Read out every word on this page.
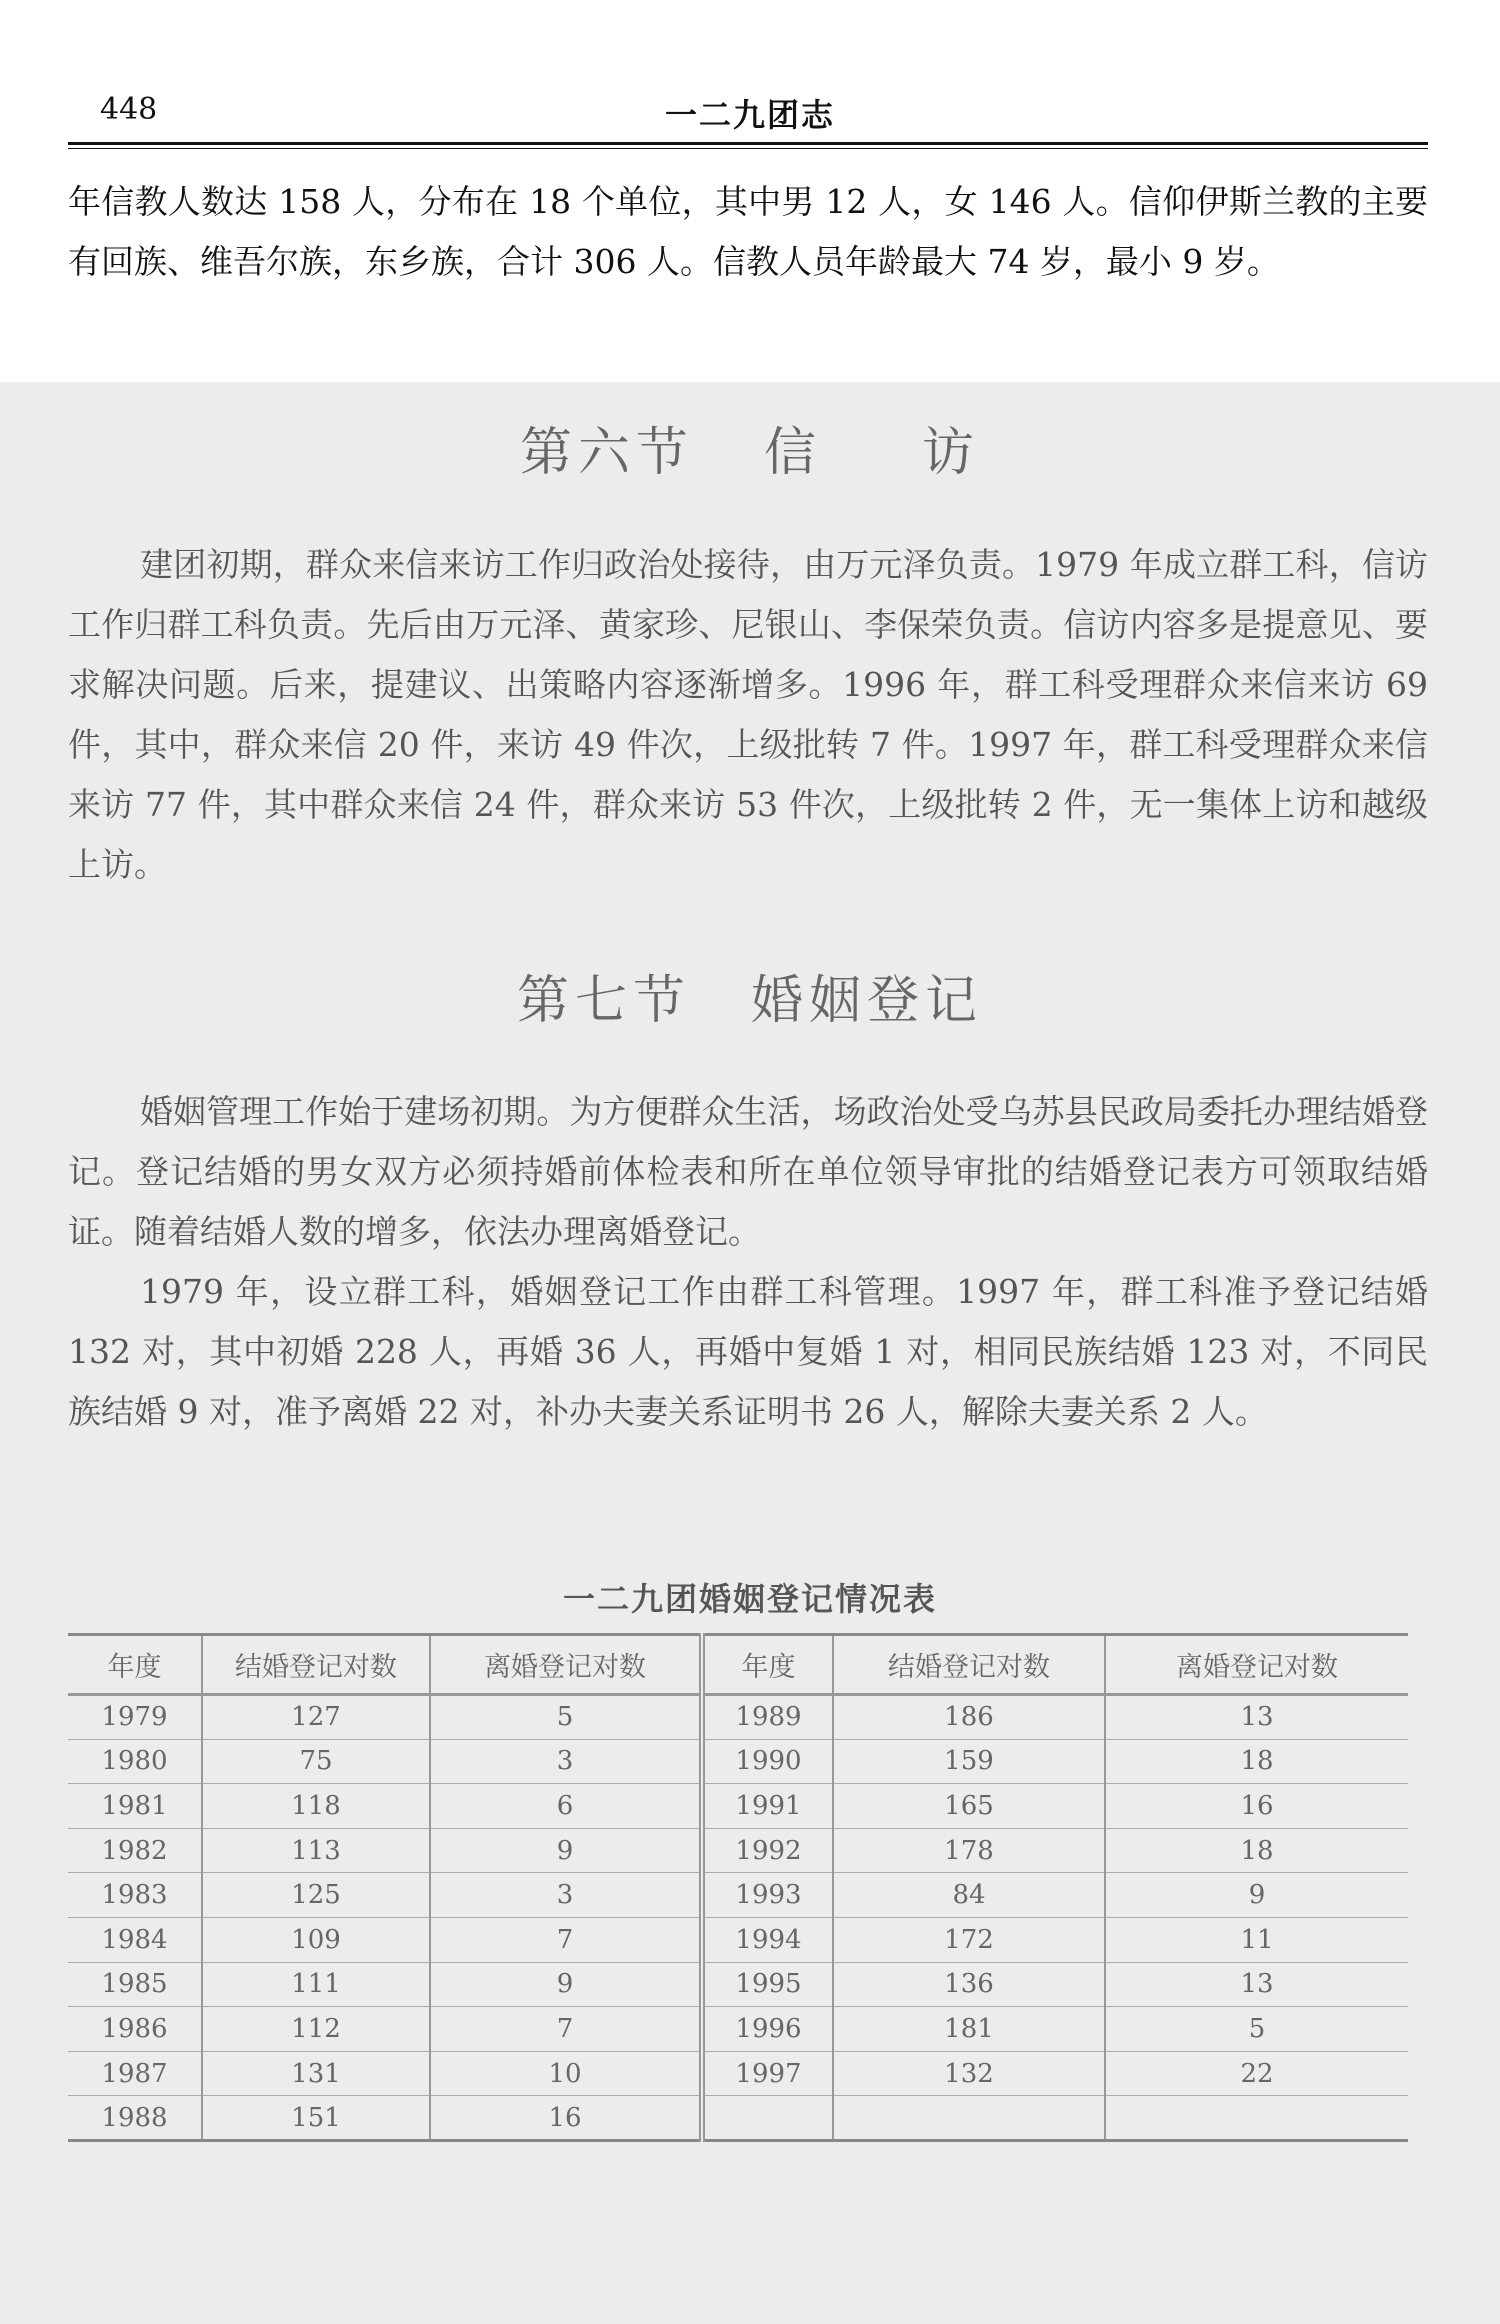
448	一二九团志

年信教人数达 158 人，分布在 18 个单位，其中男 12 人，女 146 人。信仰伊斯兰教的主要有回族、维吾尔族，东乡族，合计 306 人。信教人员年龄最大 74 岁，最小 9 岁。

第六节 信 访

建团初期，群众来信来访工作归政治处接待，由万元泽负责。1979 年成立群工科，信访工作归群工科负责。先后由万元泽、黄家珍、尼银山、李保荣负责。信访内容多是提意见、要求解决问题。后来，提建议、出策略内容逐渐增多。1996 年，群工科受理群众来信来访 69 件，其中，群众来信 20 件，来访 49 件次，上级批转 7 件。1997 年，群工科受理群众来信来访 77 件，其中群众来信 24 件，群众来访 53 件次，上级批转 2 件，无一集体上访和越级上访。

第七节 婚姻登记

婚姻管理工作始于建场初期。为方便群众生活，场政治处受乌苏县民政局委托办理结婚登记。登记结婚的男女双方必须持婚前体检表和所在单位领导审批的结婚登记表方可领取结婚证。随着结婚人数的增多，依法办理离婚登记。

1979 年，设立群工科，婚姻登记工作由群工科管理。1997 年，群工科准予登记结婚 132 对，其中初婚 228 人，再婚 36 人，再婚中复婚 1 对，相同民族结婚 123 对，不同民族结婚 9 对，准予离婚 22 对，补办夫妻关系证明书 26 人，解除夫妻关系 2 人。

一二九团婚姻登记情况表
年度	结婚登记对数	离婚登记对数	年度	结婚登记对数	离婚登记对数
1979	127	5	1989	186	13
1980	75	3	1990	159	18
1981	118	6	1991	165	16
1982	113	9	1992	178	18
1983	125	3	1993	84	9
1984	109	7	1994	172	11
1985	111	9	1995	136	13
1986	112	7	1996	181	5
1987	131	10	1997	132	22
1988	151	16			
